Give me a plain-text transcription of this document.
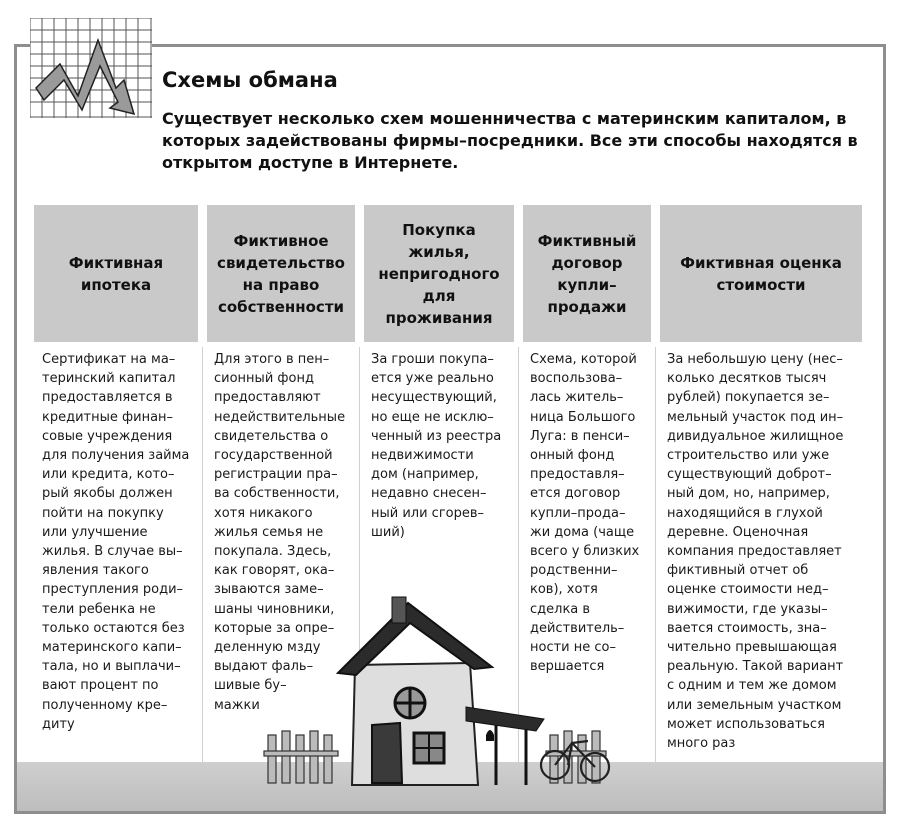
Схемы обмана
Существует несколько схем мошенничества с материнским капиталом, в которых задействованы фирмы–посредники. Все эти способы находятся в открытом доступе в Интернете.
Фиктивная ипотека
Фиктивное свидетельство на право собственности
Покупка жилья, непригодного для проживания
Фиктивный договор купли–продажи
Фиктивная оценка стоимости
Сертификат на ма–
теринский капитал
предоставляется в
кредитные финан–
совые учреждения
для получения займа
или кредита, кото–
рый якобы должен
пойти на покупку
или улучшение
жилья. В случае вы–
явления такого
преступления роди–
тели ребенка не
только остаются без
материнского капи–
тала, но и выплачи–
вают процент по
полученному кре–
диту
Для этого в пен–
сионный фонд
предоставляют
недействительные
свидетельства о
государственной
регистрации пра–
ва собственности,
хотя никакого
жилья семья не
покупала. Здесь,
как говорят, ока–
зываются заме–
шаны чиновники,
которые за опре–
деленную мзду
выдают фаль–
шивые бу–
мажки
За гроши покупа–
ется уже реально
несуществующий,
но еще не исклю–
ченный из реестра
недвижимости
дом (например,
недавно снесен–
ный или сгорев–
ший)
Схема, которой
воспользова–
лась житель–
ница Большого
Луга: в пенси–
онный фонд
предоставля–
ется договор
купли–прода–
жи дома (чаще
всего у близких
родственни–
ков), хотя
сделка в
действитель–
ности не со–
вершается
За небольшую цену (нес–
колько десятков тысяч
рублей) покупается зе–
мельный участок под ин–
дивидуальное жилищное
строительство или уже
существующий доброт–
ный дом, но, например,
находящийся в глухой
деревне. Оценочная
компания предоставляет
фиктивный отчет об
оценке стоимости нед–
вижимости, где указы–
вается стоимость, зна–
чительно превышающая
реальную. Такой вариант
с одним и тем же домом
или земельным участком
может использоваться
много раз
